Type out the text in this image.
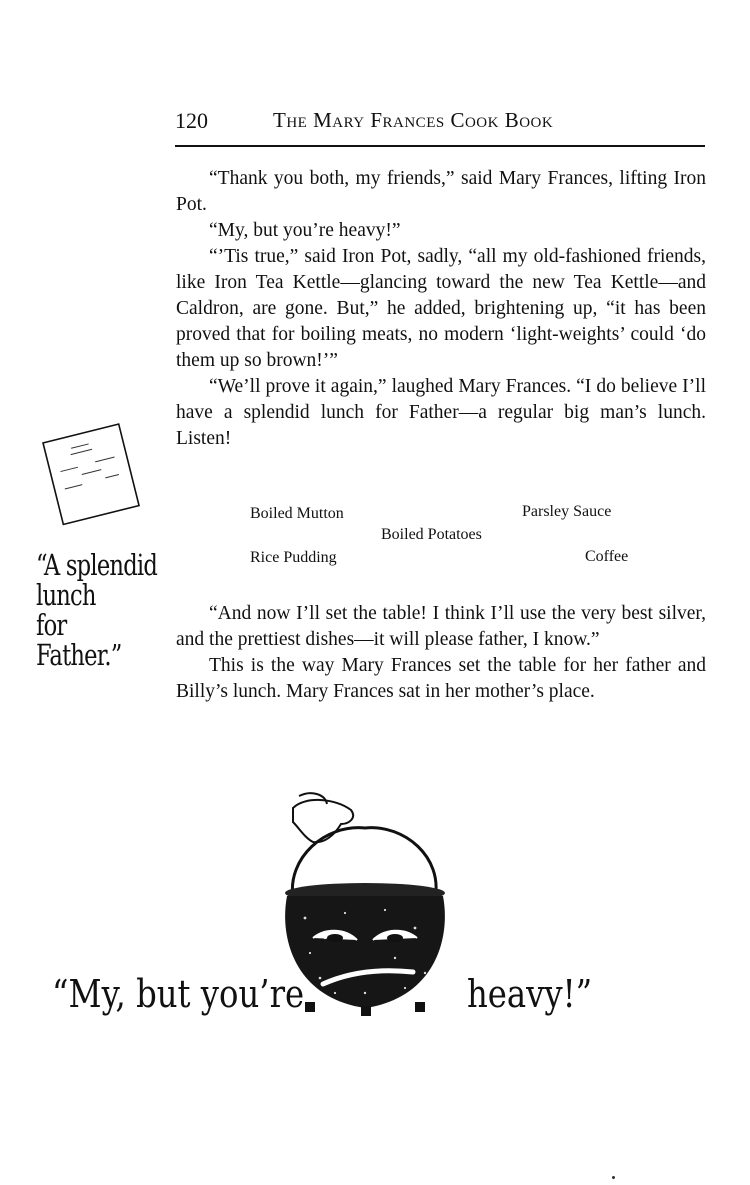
120	The Mary Frances Cook Book

“Thank you both, my friends,” said Mary Frances, lifting Iron Pot.

“My, but you’re heavy!”

“’Tis true,” said Iron Pot, sadly, “all my old-fashioned friends, like Iron Tea Kettle—glancing toward the new Tea Kettle—and Caldron, are gone. But,” he added, brightening up, “it has been proved that for boiling meats, no modern ‘light-weights’ could ‘do them up so brown!’”

“We’ll prove it again,” laughed Mary Frances. “I do believe I’ll have a splendid lunch for Father—a regular big man’s lunch. Listen!

“A splendid
lunch
for
Father.”
Boiled Mutton	Parsley Sauce
Boiled Potatoes
Rice Pudding	Coffee

“And now I’ll set the table! I think I’ll use the very best silver, and the prettiest dishes—it will please father, I know.”

This is the way Mary Frances set the table for her father and Billy’s lunch. Mary Frances sat in her mother’s place.

“My, but you’re	heavy!”
